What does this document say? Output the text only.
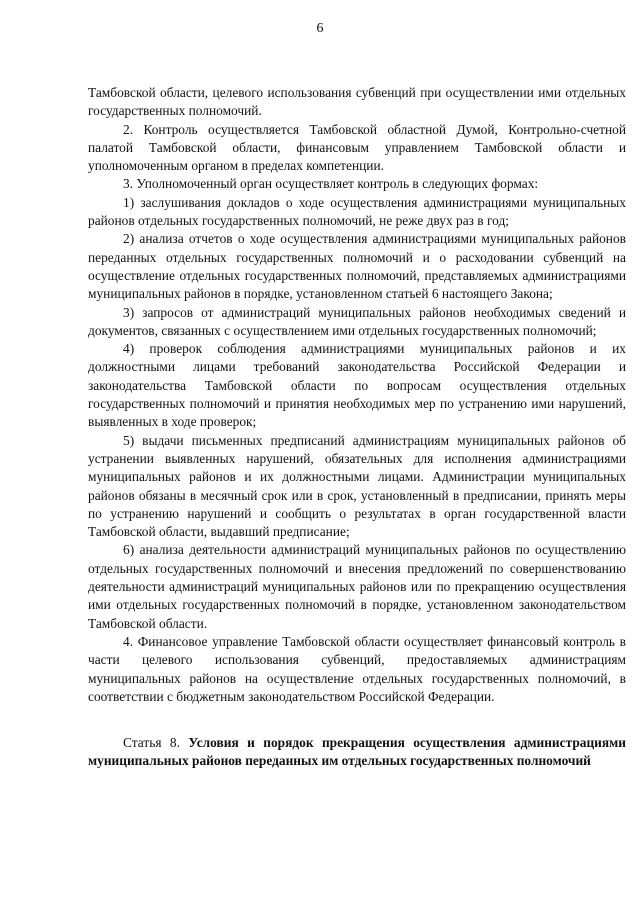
6

Тамбовской области, целевого использования субвенций при осуществлении ими отдельных государственных полномочий.

2. Контроль осуществляется Тамбовской областной Думой, Контрольно-счетной палатой Тамбовской области, финансовым управлением Тамбовской области и уполномоченным органом в пределах компетенции.

3. Уполномоченный орган осуществляет контроль в следующих формах:

1) заслушивания докладов о ходе осуществления администрациями муниципальных районов отдельных государственных полномочий, не реже двух раз в год;

2) анализа отчетов о ходе осуществления администрациями муниципальных районов переданных отдельных государственных полномочий и о расходовании субвенций на осуществление отдельных государственных полномочий, представляемых администрациями муниципальных районов в порядке, установленном статьей 6 настоящего Закона;

3) запросов от администраций муниципальных районов необходимых сведений и документов, связанных с осуществлением ими отдельных государственных полномочий;

4) проверок соблюдения администрациями муниципальных районов и их должностными лицами требований законодательства Российской Федерации и законодательства Тамбовской области по вопросам осуществления отдельных государственных полномочий и принятия необходимых мер по устранению ими нарушений, выявленных в ходе проверок;

5) выдачи письменных предписаний администрациям муниципальных районов об устранении выявленных нарушений, обязательных для исполнения администрациями муниципальных районов и их должностными лицами. Администрации муниципальных районов обязаны в месячный срок или в срок, установленный в предписании, принять меры по устранению нарушений и сообщить о результатах в орган государственной власти Тамбовской области, выдавший предписание;

6) анализа деятельности администраций муниципальных районов по осуществлению отдельных государственных полномочий и внесения предложений по совершенствованию деятельности администраций муниципальных районов или по прекращению осуществления ими отдельных государственных полномочий в порядке, установленном законодательством Тамбовской области.

4. Финансовое управление Тамбовской области осуществляет финансовый контроль в части целевого использования субвенций, предоставляемых администрациям муниципальных районов на осуществление отдельных государственных полномочий, в соответствии с бюджетным законодательством Российской Федерации.

Статья 8. Условия и порядок прекращения осуществления администрациями муниципальных районов переданных им отдельных государственных полномочий
